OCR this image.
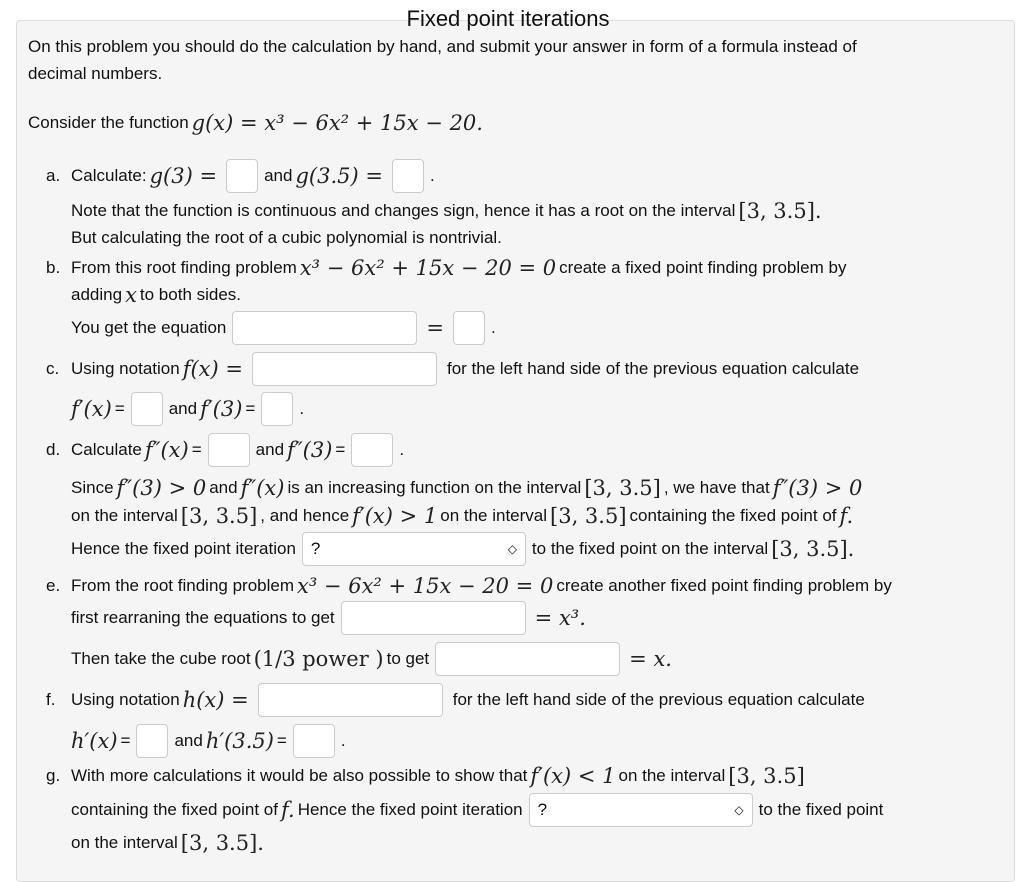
Fixed point iterations
On this problem you should do the calculation by hand, and submit your answer in form of a formula instead of
decimal numbers.
Consider the function g(x) = x³ − 6x² + 15x − 20.
a. Calculate: g(3) =	and g(3.5) =	.
Note that the function is continuous and changes sign, hence it has a root on the interval [3, 3.5].
But calculating the root of a cubic polynomial is nontrivial.
b. From this root finding problem x³ − 6x² + 15x − 20 = 0 create a fixed point finding problem by
adding x to both sides.
You get the equation	=	.
c. Using notation f(x) =	for the left hand side of the previous equation calculate
f′(x) =	and f′(3) =	.
d. Calculate f″(x) =	and f″(3) =	.
Since f″(3) > 0 and f″(x) is an increasing function on the interval [3, 3.5] , we have that f″(3) > 0
on the interval [3, 3.5] , and hence f′(x) > 1 on the interval [3, 3.5] containing the fixed point of f.
Hence the fixed point iteration ?	◇ to the fixed point on the interval [3, 3.5].
e. From the root finding problem x³ − 6x² + 15x − 20 = 0 create another fixed point finding problem by
first rearraning the equations to get	= x³.
Then take the cube root (1/3 power ) to get	= x.
f. Using notation h(x) =	for the left hand side of the previous equation calculate
h′(x) =	and h′(3.5) =	.
g. With more calculations it would be also possible to show that f′(x) < 1 on the interval [3, 3.5]
containing the fixed point of f. Hence the fixed point iteration ?	◇ to the fixed point
on the interval [3, 3.5].
